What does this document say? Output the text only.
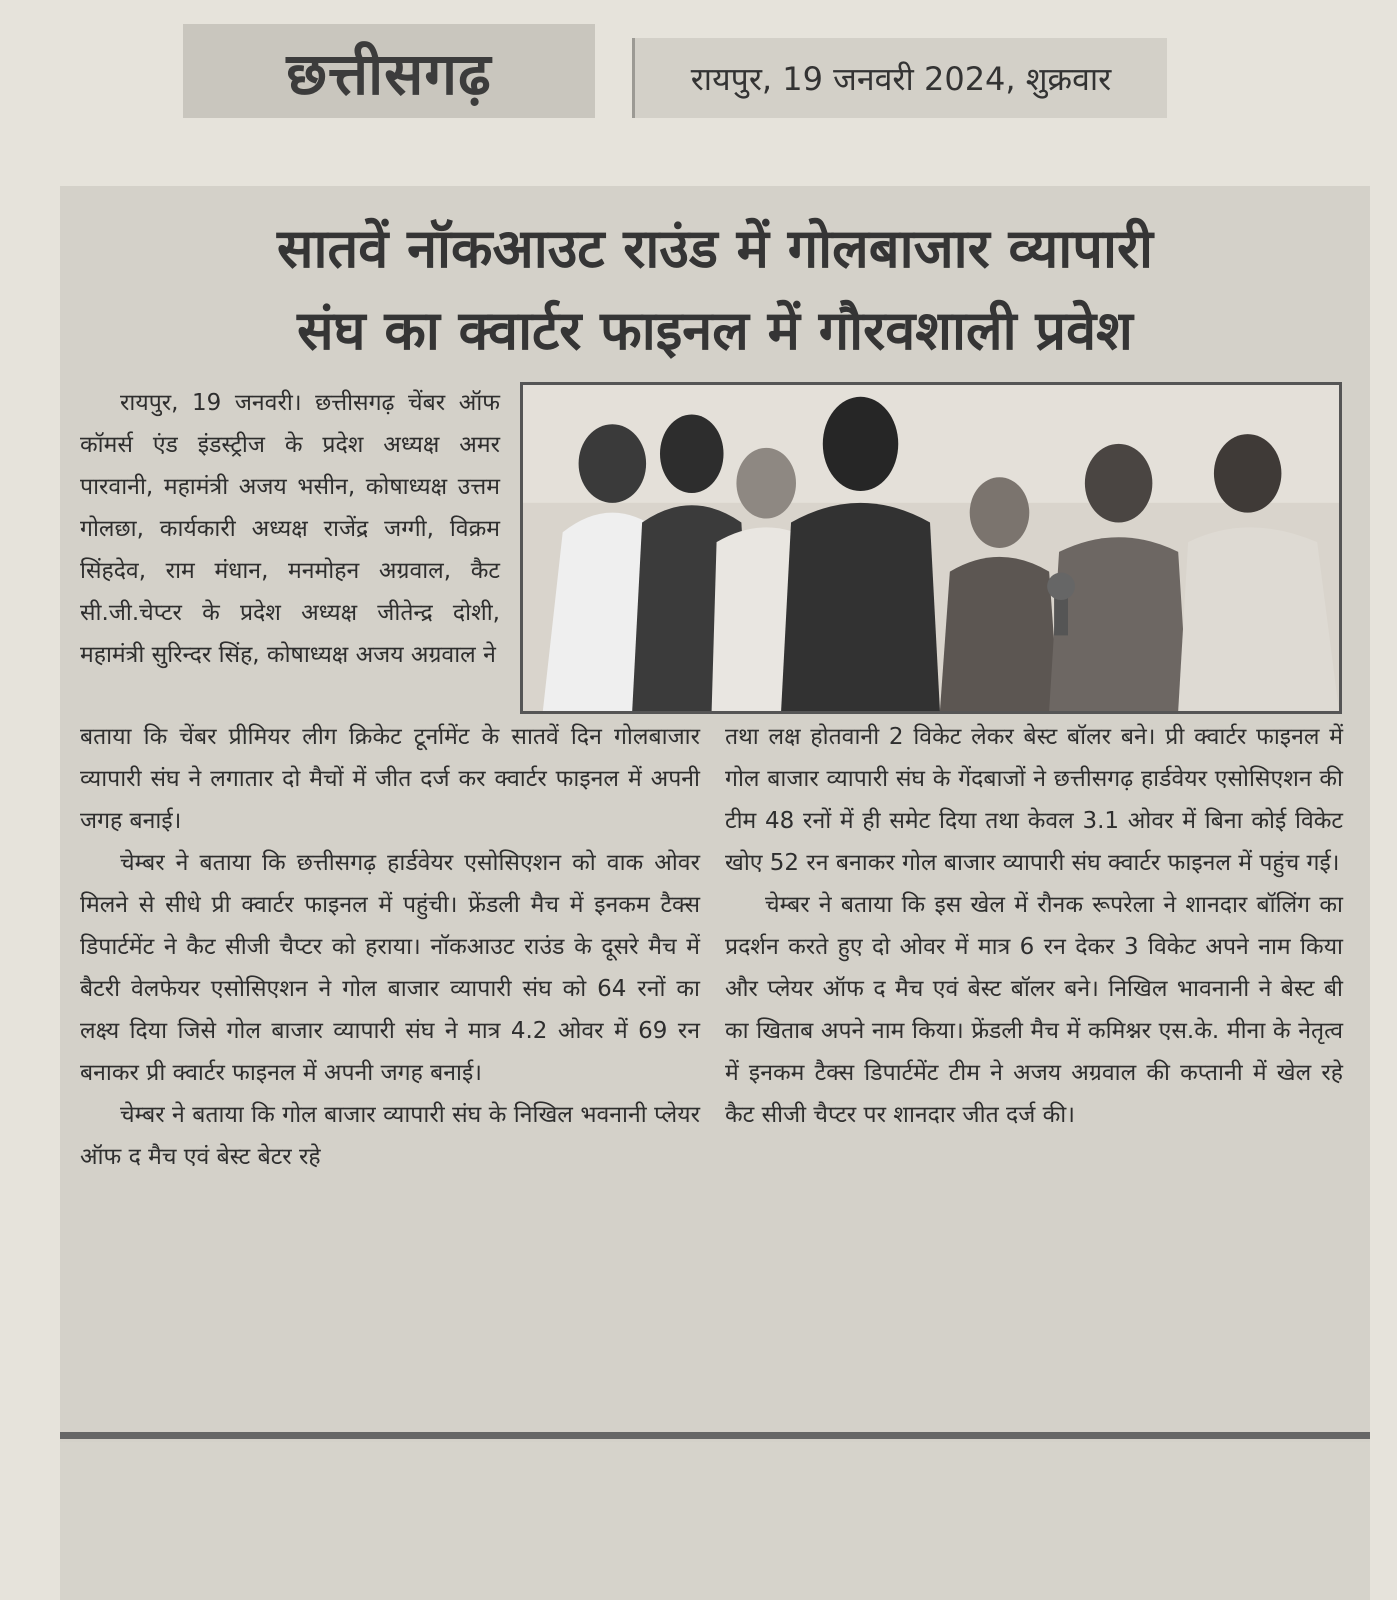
छत्तीसगढ़	रायपुर, 19 जनवरी 2024, शुक्रवार
सातवें नॉकआउट राउंड में गोलबाजार व्यापारी
संघ का क्वार्टर फाइनल में गौरवशाली प्रवेश

रायपुर, 19 जनवरी। छत्तीसगढ़ चेंबर ऑफ कॉमर्स एंड इंडस्ट्रीज के प्रदेश अध्यक्ष अमर पारवानी, महामंत्री अजय भसीन, कोषाध्यक्ष उत्तम गोलछा, कार्यकारी अध्यक्ष राजेंद्र जग्गी, विक्रम सिंहदेव, राम मंधान, मनमोहन अग्रवाल, कैट सी.जी.चेप्टर के प्रदेश अध्यक्ष जीतेन्द्र दोशी, महामंत्री सुरिन्दर सिंह, कोषाध्यक्ष अजय अग्रवाल ने

बताया कि चेंबर प्रीमियर लीग क्रिकेट टूर्नामेंट के सातवें दिन गोलबाजार व्यापारी संघ ने लगातार दो मैचों में जीत दर्ज कर क्वार्टर फाइनल में अपनी जगह बनाई।

चेम्बर ने बताया कि छत्तीसगढ़ हार्डवेयर एसोसिएशन को वाक ओवर मिलने से सीधे प्री क्वार्टर फाइनल में पहुंची। फ्रेंडली मैच में इनकम टैक्स डिपार्टमेंट ने कैट सीजी चैप्टर को हराया। नॉकआउट राउंड के दूसरे मैच में बैटरी वेलफेयर एसोसिएशन ने गोल बाजार व्यापारी संघ को 64 रनों का लक्ष्य दिया जिसे गोल बाजार व्यापारी संघ ने मात्र 4.2 ओवर में 69 रन बनाकर प्री क्वार्टर फाइनल में अपनी जगह बनाई।

चेम्बर ने बताया कि गोल बाजार व्यापारी संघ के निखिल भवनानी प्लेयर ऑफ द मैच एवं बेस्ट बेटर रहे

तथा लक्ष होतवानी 2 विकेट लेकर बेस्ट बॉलर बने। प्री क्वार्टर फाइनल में गोल बाजार व्यापारी संघ के गेंदबाजों ने छत्तीसगढ़ हार्डवेयर एसोसिएशन की टीम 48 रनों में ही समेट दिया तथा केवल 3.1 ओवर में बिना कोई विकेट खोए 52 रन बनाकर गोल बाजार व्यापारी संघ क्वार्टर फाइनल में पहुंच गई।

चेम्बर ने बताया कि इस खेल में रौनक रूपरेला ने शानदार बॉलिंग का प्रदर्शन करते हुए दो ओवर में मात्र 6 रन देकर 3 विकेट अपने नाम किया और प्लेयर ऑफ द मैच एवं बेस्ट बॉलर बने। निखिल भावनानी ने बेस्ट बी का खिताब अपने नाम किया। फ्रेंडली मैच में कमिश्नर एस.के. मीना के नेतृत्व में इनकम टैक्स डिपार्टमेंट टीम ने अजय अग्रवाल की कप्तानी में खेल रहे कैट सीजी चैप्टर पर शानदार जीत दर्ज की।
